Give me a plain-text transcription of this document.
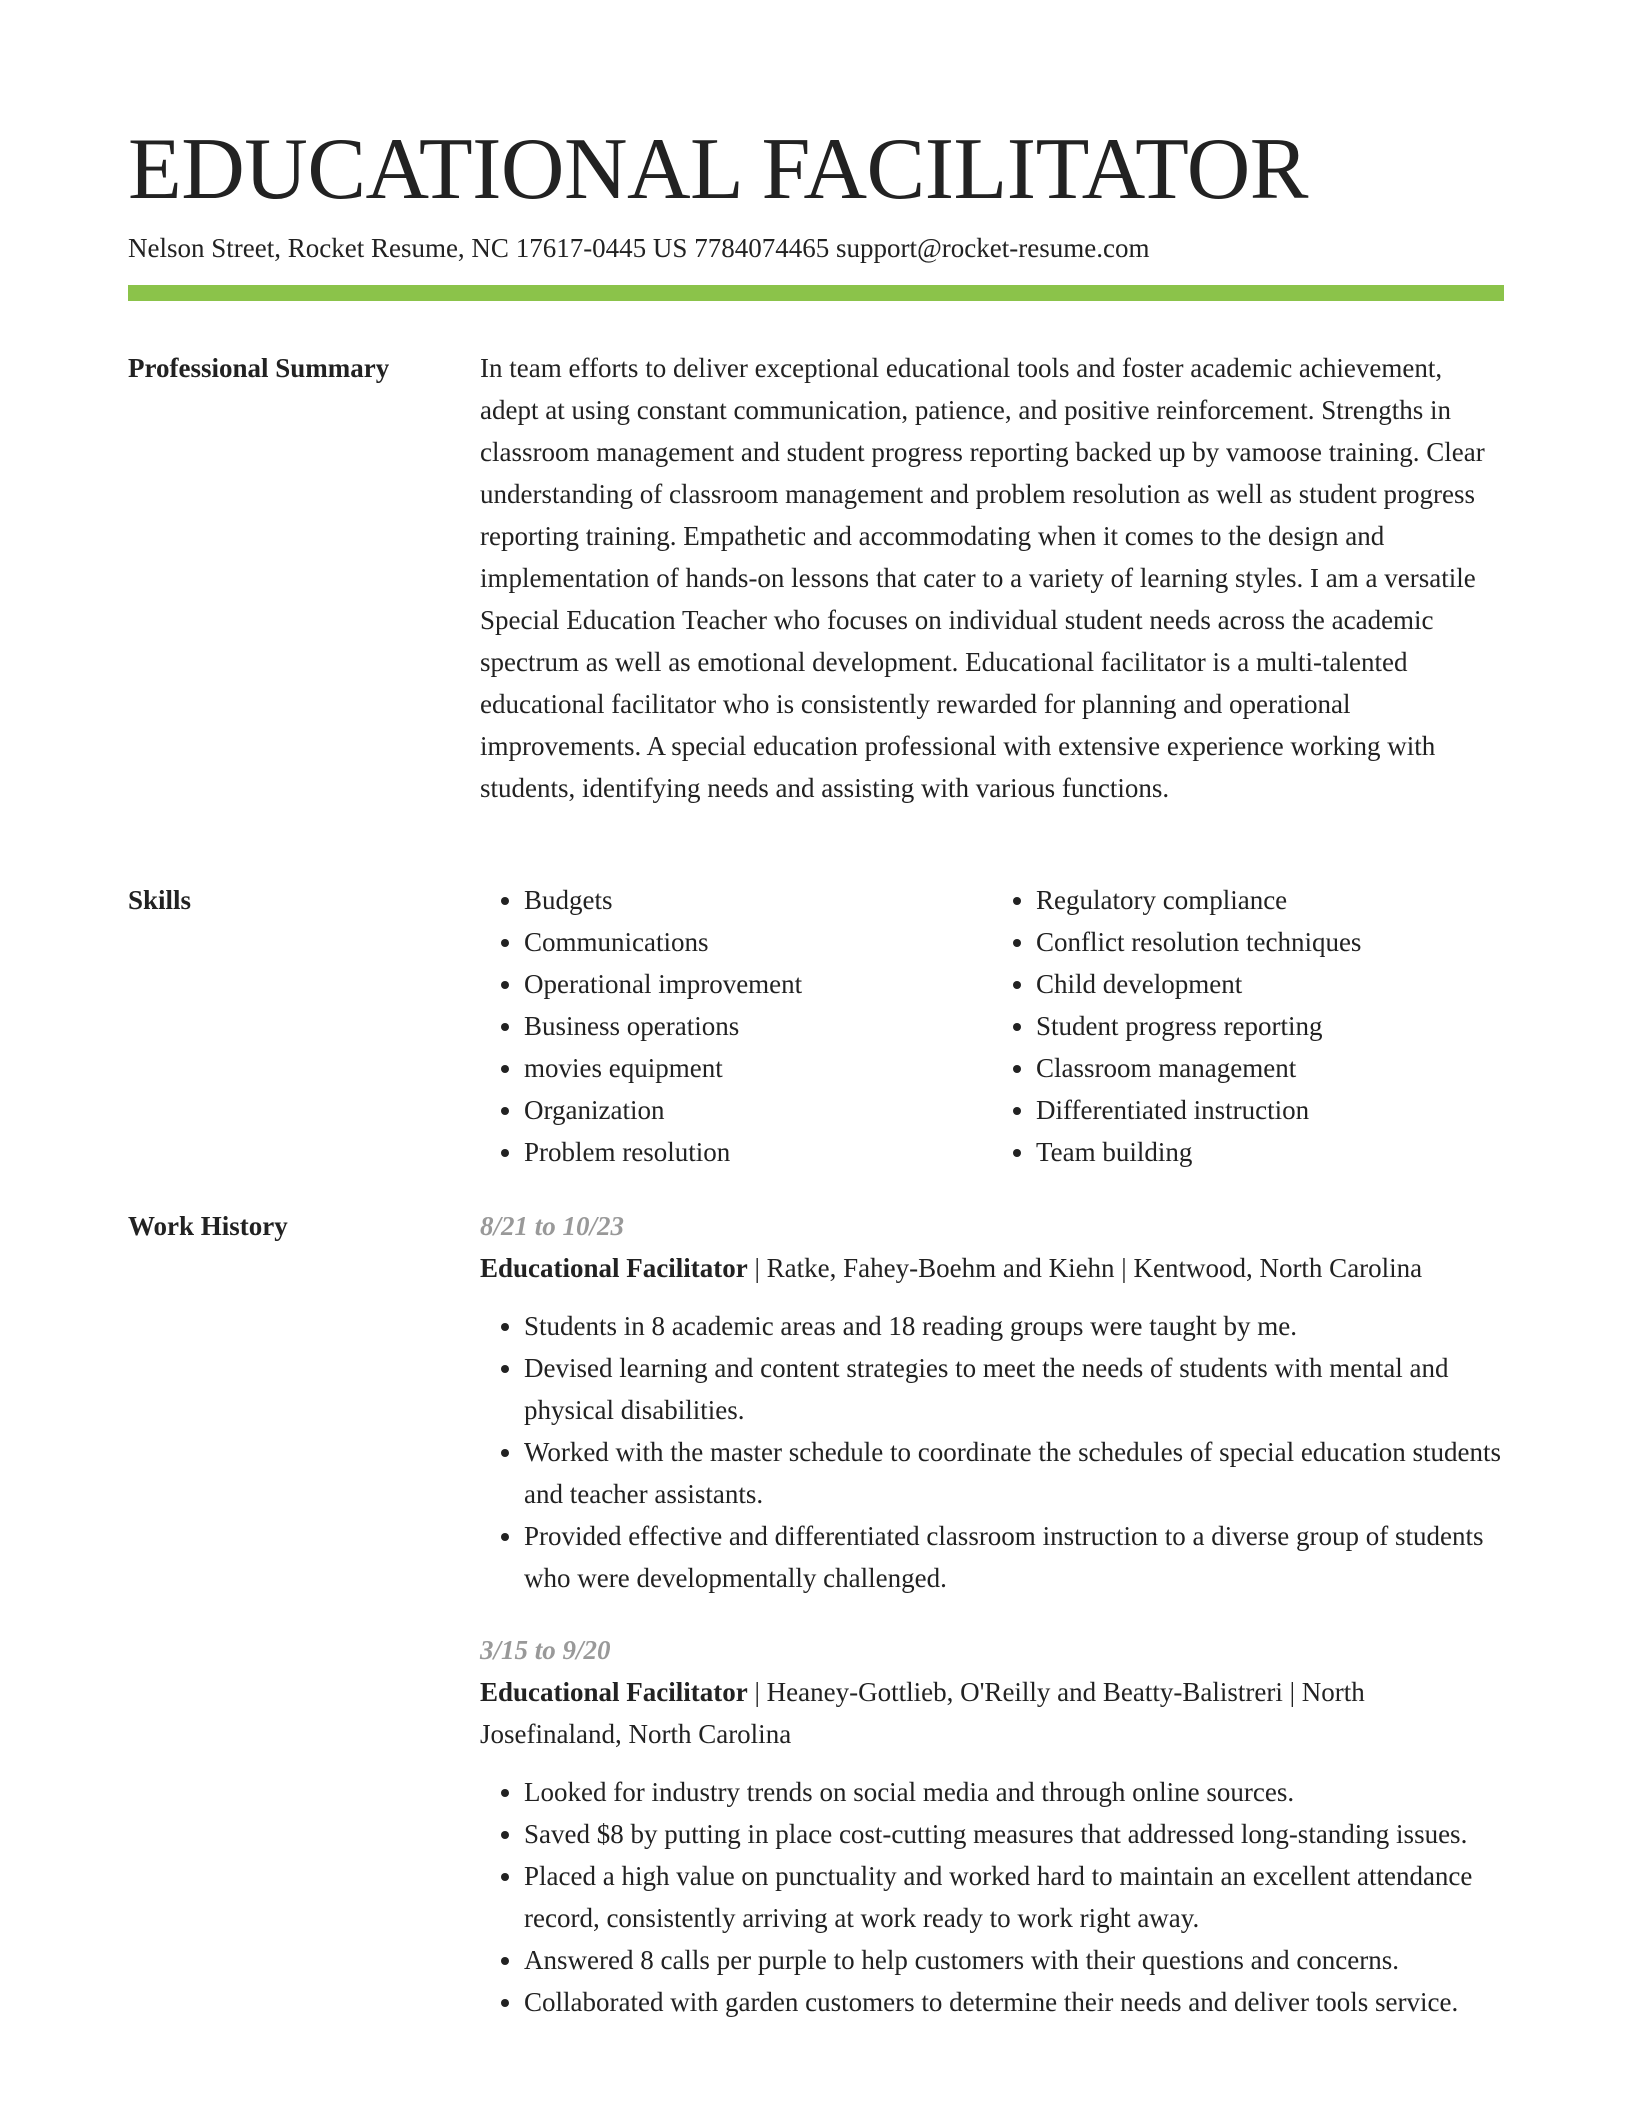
EDUCATIONAL FACILITATOR
Nelson Street, Rocket Resume, NC 17617-0445 US 7784074465 support@rocket-resume.com
Professional Summary	In team efforts to deliver exceptional educational tools and foster academic achievement, adept at using constant communication, patience, and positive reinforcement. Strengths in classroom management and student progress reporting backed up by vamoose training. Clear understanding of classroom management and problem resolution as well as student progress reporting training. Empathetic and accommodating when it comes to the design and implementation of hands-on lessons that cater to a variety of learning styles. I am a versatile Special Education Teacher who focuses on individual student needs across the academic spectrum as well as emotional development. Educational facilitator is a multi-talented educational facilitator who is consistently rewarded for planning and operational improvements. A special education professional with extensive experience working with students, identifying needs and assisting with various functions.

Skills
•	Budgets
• Communications
• Operational improvement
• Business operations
• movies equipment
• Organization
• Problem resolution
• Regulatory compliance
• Conflict resolution techniques
• Child development
• Student progress reporting
• Classroom management
• Differentiated instruction
• Team building
Work History	8/21 to 10/23
Educational Facilitator | Ratke, Fahey-Boehm and Kiehn | Kentwood, North Carolina
• Students in 8 academic areas and 18 reading groups were taught by me.
• Devised learning and content strategies to meet the needs of students with mental and physical disabilities.
• Worked with the master schedule to coordinate the schedules of special education students and teacher assistants.
• Provided effective and differentiated classroom instruction to a diverse group of students who were developmentally challenged.
3/15 to 9/20
Educational Facilitator | Heaney-Gottlieb, O'Reilly and Beatty-Balistreri | North Josefinaland, North Carolina
• Looked for industry trends on social media and through online sources.
• Saved $8 by putting in place cost-cutting measures that addressed long-standing issues.
• Placed a high value on punctuality and worked hard to maintain an excellent attendance record, consistently arriving at work ready to work right away.
• Answered 8 calls per purple to help customers with their questions and concerns.
• Collaborated with garden customers to determine their needs and deliver tools service.
